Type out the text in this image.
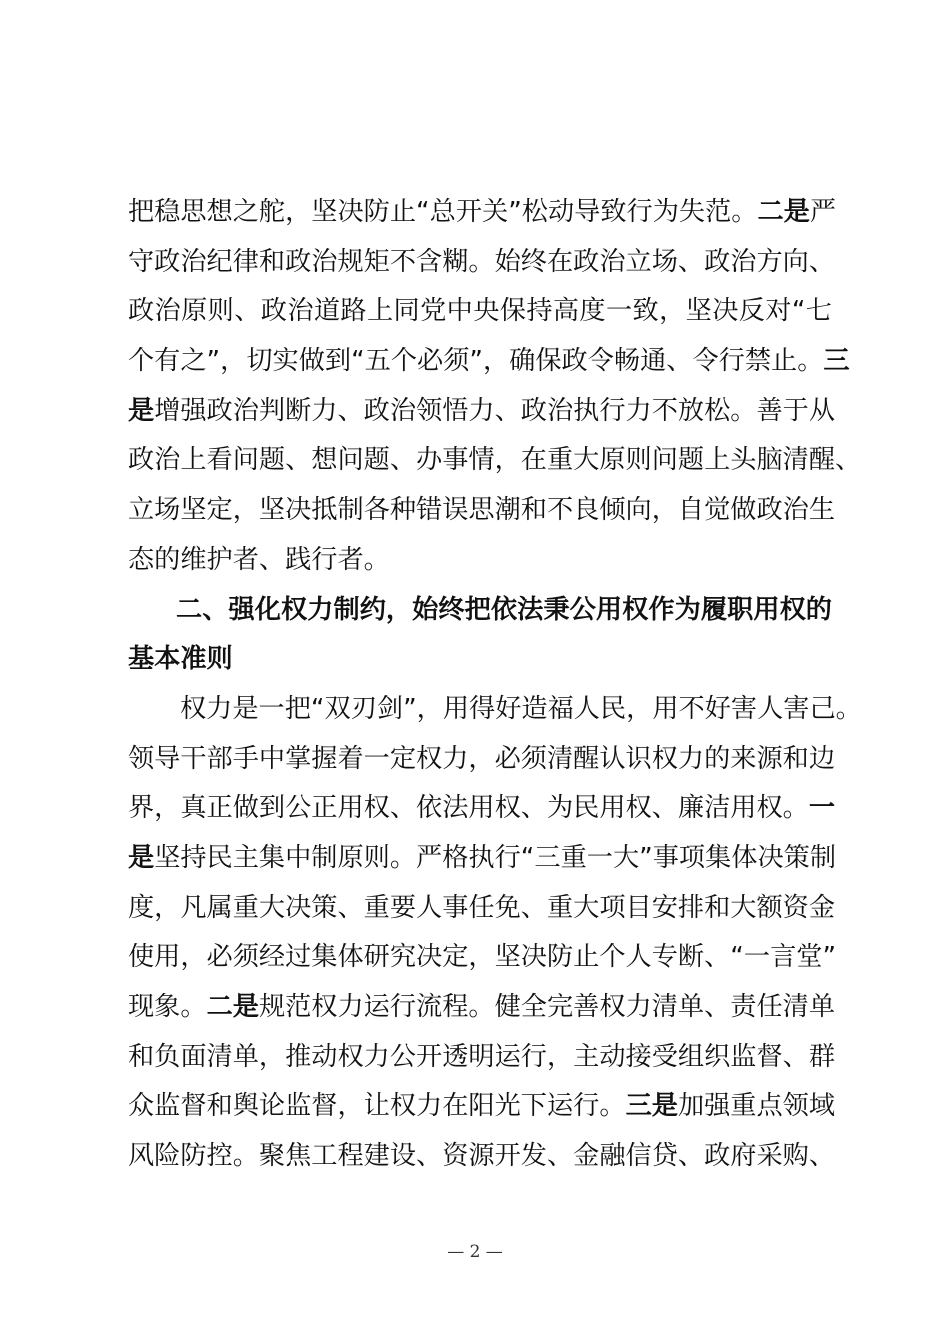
把稳思想之舵，坚决防止“总开关”松动导致行为失范。二是严
守政治纪律和政治规矩不含糊。始终在政治立场、政治方向、
政治原则、政治道路上同党中央保持高度一致，坚决反对“七
个有之”，切实做到“五个必须”，确保政令畅通、令行禁止。三
是增强政治判断力、政治领悟力、政治执行力不放松。善于从
政治上看问题、想问题、办事情，在重大原则问题上头脑清醒、
立场坚定，坚决抵制各种错误思潮和不良倾向，自觉做政治生
态的维护者、践行者。
二、强化权力制约，始终把依法秉公用权作为履职用权的
基本准则
权力是一把“双刃剑”，用得好造福人民，用不好害人害己。
领导干部手中掌握着一定权力，必须清醒认识权力的来源和边
界，真正做到公正用权、依法用权、为民用权、廉洁用权。一
是坚持民主集中制原则。严格执行“三重一大”事项集体决策制
度，凡属重大决策、重要人事任免、重大项目安排和大额资金
使用，必须经过集体研究决定，坚决防止个人专断、“一言堂”
现象。二是规范权力运行流程。健全完善权力清单、责任清单
和负面清单，推动权力公开透明运行，主动接受组织监督、群
众监督和舆论监督，让权力在阳光下运行。三是加强重点领域
风险防控。聚焦工程建设、资源开发、金融信贷、政府采购、
— 2 —
